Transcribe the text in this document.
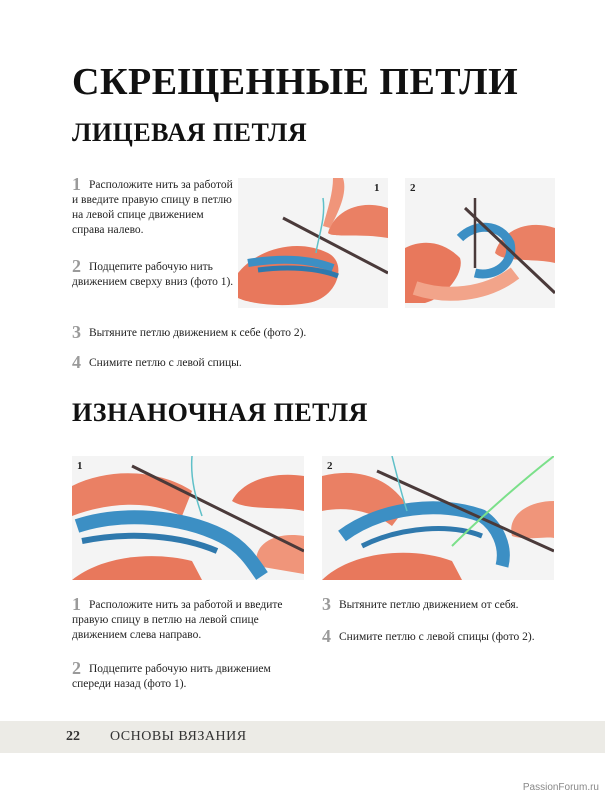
СКРЕЩЕННЫЕ ПЕТЛИ
ЛИЦЕВАЯ ПЕТЛЯ
1 Расположите нить за работой и введите правую спицу в петлю на левой спице движением справа налево.
2 Подцепите рабочую нить движением сверху вниз (фото 1).
1	2
3 Вытяните петлю движением к себе (фото 2).
4 Снимите петлю с левой спицы.
ИЗНАНОЧНАЯ ПЕТЛЯ
1	2
1 Расположите нить за работой и введите правую спицу в петлю на левой спице движением слева направо.
2 Подцепите рабочую нить движением спереди назад (фото 1).
3 Вытяните петлю движением от себя.
4 Снимите петлю с левой спицы (фото 2).
22 ОСНОВЫ ВЯЗАНИЯ
PassionForum.ru
